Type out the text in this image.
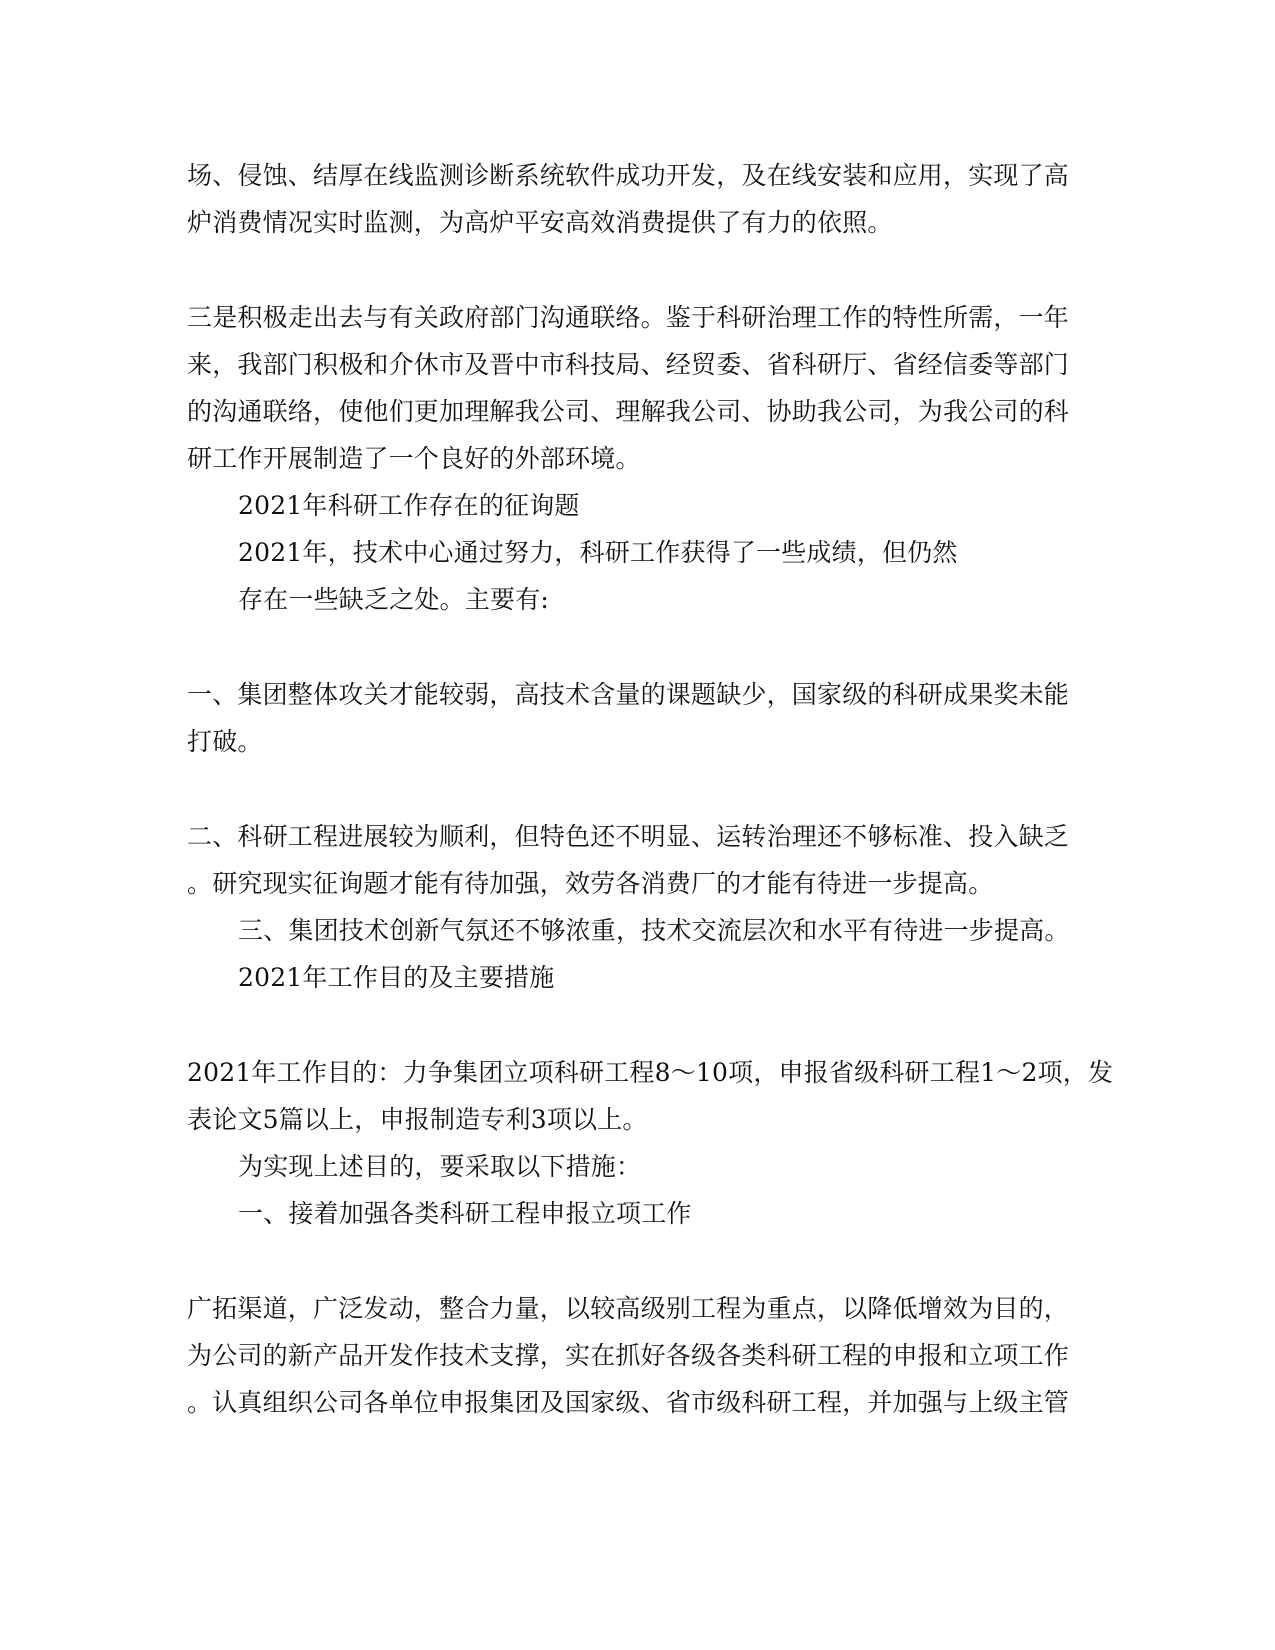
场、侵蚀、结厚在线监测诊断系统软件成功开发，及在线安装和应用，实现了高
炉消费情况实时监测，为高炉平安高效消费提供了有力的依照。
三是积极走出去与有关政府部门沟通联络。鉴于科研治理工作的特性所需，一年
来，我部门积极和介休市及晋中市科技局、经贸委、省科研厅、省经信委等部门
的沟通联络，使他们更加理解我公司、理解我公司、协助我公司，为我公司的科
研工作开展制造了一个良好的外部环境。
2021年科研工作存在的征询题
2021年，技术中心通过努力，科研工作获得了一些成绩，但仍然
存在一些缺乏之处。主要有:
一、集团整体攻关才能较弱，高技术含量的课题缺少，国家级的科研成果奖未能
打破。
二、科研工程进展较为顺利，但特色还不明显、运转治理还不够标准、投入缺乏
。研究现实征询题才能有待加强，效劳各消费厂的才能有待进一步提高。
三、集团技术创新气氛还不够浓重，技术交流层次和水平有待进一步提高。
2021年工作目的及主要措施
2021年工作目的：力争集团立项科研工程8～10项，申报省级科研工程1～2项，发
表论文5篇以上，申报制造专利3项以上。
为实现上述目的，要采取以下措施：
一、接着加强各类科研工程申报立项工作
广拓渠道，广泛发动，整合力量，以较高级别工程为重点，以降低增效为目的，
为公司的新产品开发作技术支撑，实在抓好各级各类科研工程的申报和立项工作
。认真组织公司各单位申报集团及国家级、省市级科研工程，并加强与上级主管
